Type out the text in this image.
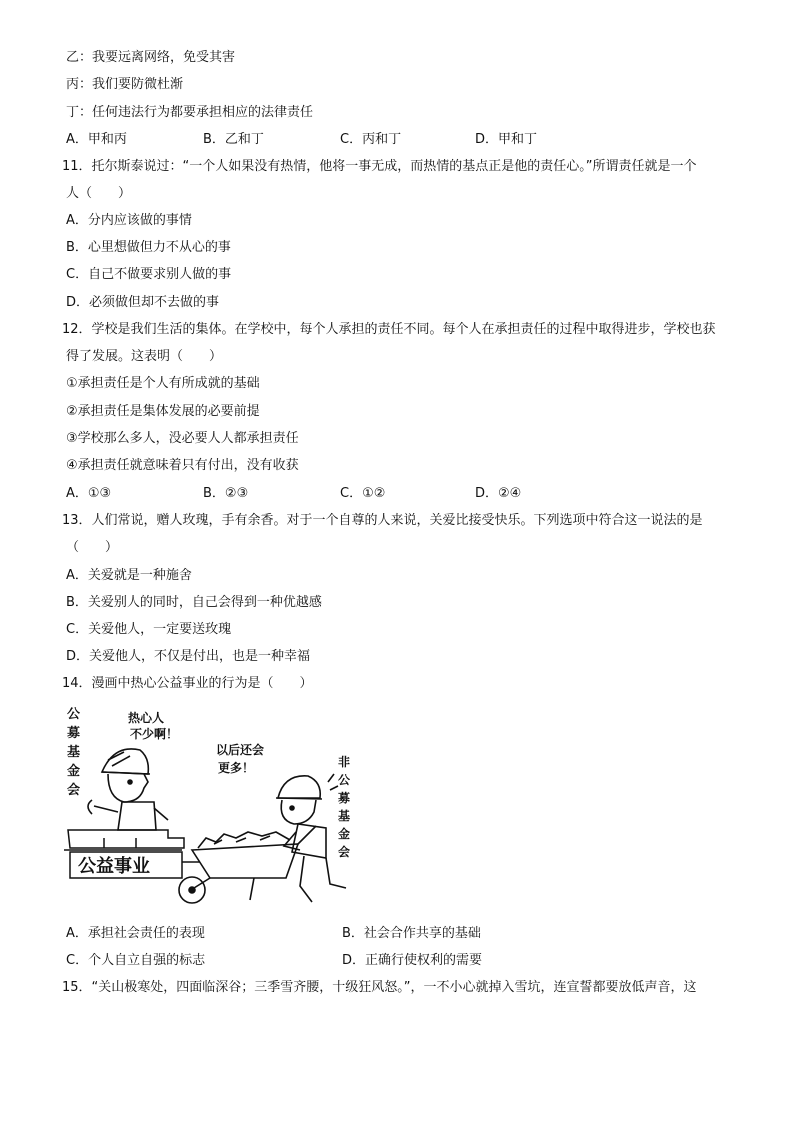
乙：我要远离网络，免受其害
丙：我们要防微杜渐
丁：任何违法行为都要承担相应的法律责任
A．甲和丙	B．乙和丁	C．丙和丁	D．甲和丁
11．托尔斯泰说过：“一个人如果没有热情，他将一事无成，而热情的基点正是他的责任心。”所谓责任就是一个
人（　　）
A．分内应该做的事情
B．心里想做但力不从心的事
C．自己不做要求别人做的事
D．必须做但却不去做的事
12．学校是我们生活的集体。在学校中，每个人承担的责任不同。每个人在承担责任的过程中取得进步，学校也获
得了发展。这表明（　　）
①承担责任是个人有所成就的基础
②承担责任是集体发展的必要前提
③学校那么多人，没必要人人都承担责任
④承担责任就意味着只有付出，没有收获
A．①③	B．②③	C．①②	D．②④
13．人们常说，赠人玫瑰，手有余香。对于一个自尊的人来说，关爱比接受快乐。下列选项中符合这一说法的是
（　　）
A．关爱就是一种施舍
B．关爱别人的同时，自己会得到一种优越感
C．关爱他人，一定要送玫瑰
D．关爱他人，不仅是付出，也是一种幸福
14．漫画中热心公益事业的行为是（　　）
公
募
基
金
会
热心人
不少啊！
以后还会
更多！	非
公
募
基
金
会
公益事业
A．承担社会责任的表现	B．社会合作共享的基础
C．个人自立自强的标志	D．正确行使权利的需要
15．“关山极寒处，四面临深谷；三季雪齐腰，十级狂风怒。”，一不小心就掉入雪坑，连宣誓都要放低声音，这
